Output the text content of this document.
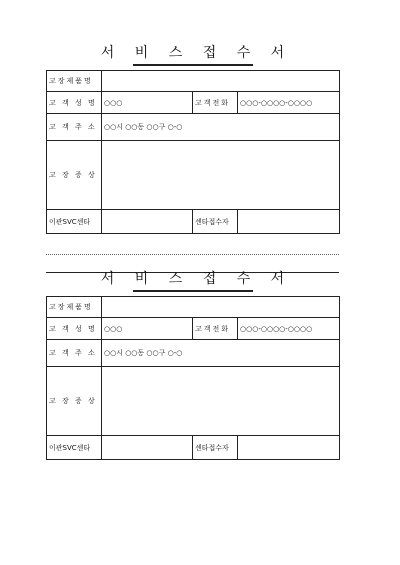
서 비 스 접 수 서
고장제품명			
고 객 성 명	○○○	고객전화	○○○-○○○○-○○○○
고 객 주 소	○○시 ○○동 ○○구 ○-○		
고 장 증 상			
이관SVC센타		센타접수자	
서 비 스 접 수 서
고장제품명			
고 객 성 명	○○○	고객전화	○○○-○○○○-○○○○
고 객 주 소	○○시 ○○동 ○○구 ○-○		
고 장 증 상			
이관SVC센타		센타접수자	
